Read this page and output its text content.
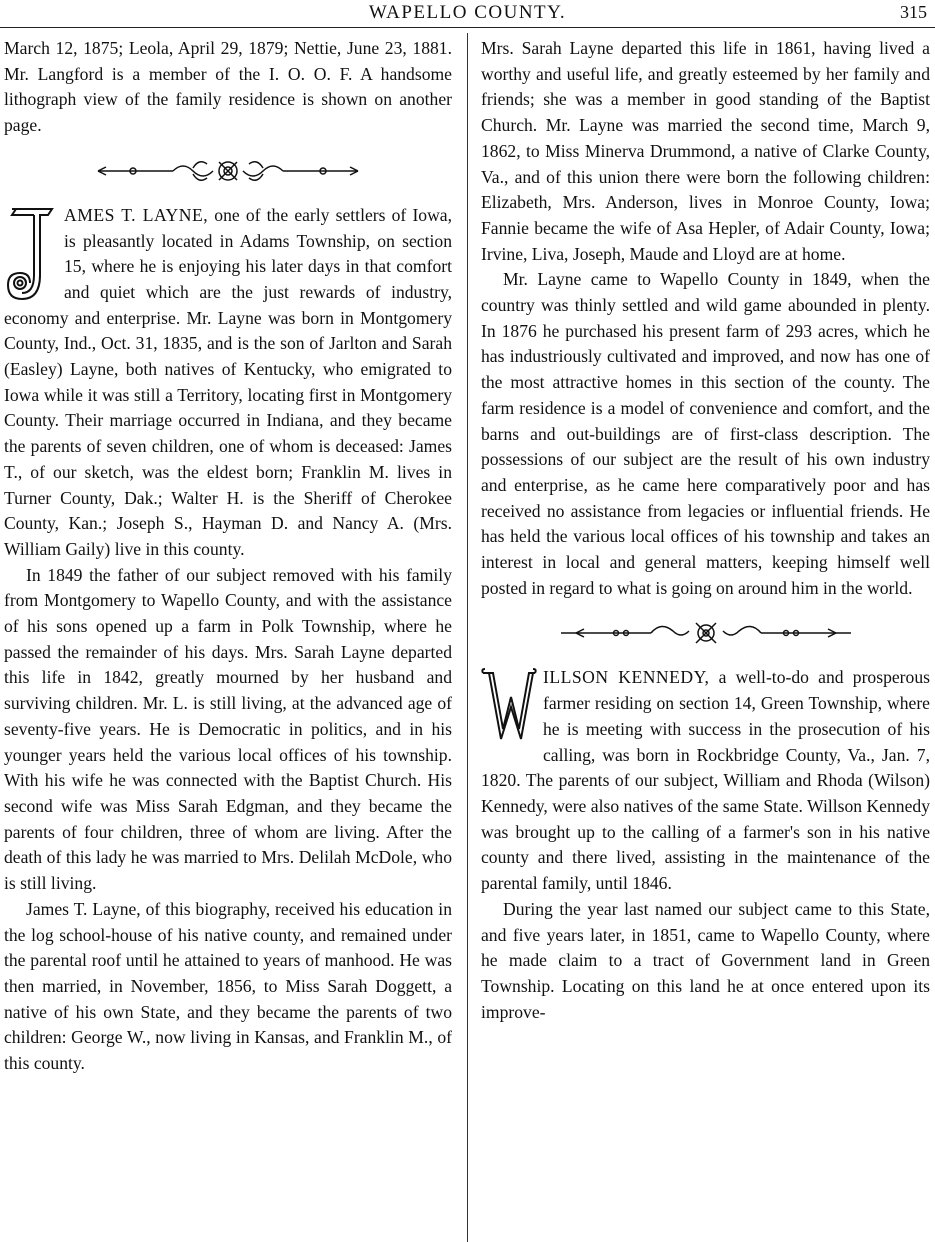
WAPELLO COUNTY.	315

March 12, 1875; Leola, April 29, 1879; Nettie, June 23, 1881. Mr. Langford is a member of the I. O. O. F. A handsome lithograph view of the family residence is shown on another page.

AMES T. LAYNE, one of the early settlers of Iowa, is pleasantly located in Adams Township, on section 15, where he is enjoying his later days in that comfort and quiet which are the just rewards of industry, economy and enterprise. Mr. Layne was born in Montgomery County, Ind., Oct. 31, 1835, and is the son of Jarlton and Sarah (Easley) Layne, both natives of Kentucky, who emigrated to Iowa while it was still a Territory, locating first in Montgomery County. Their marriage occurred in Indiana, and they became the parents of seven children, one of whom is deceased: James T., of our sketch, was the eldest born; Franklin M. lives in Turner County, Dak.; Walter H. is the Sheriff of Cherokee County, Kan.; Joseph S., Hayman D. and Nancy A. (Mrs. William Gaily) live in this county.

In 1849 the father of our subject removed with his family from Montgomery to Wapello County, and with the assistance of his sons opened up a farm in Polk Township, where he passed the remainder of his days. Mrs. Sarah Layne departed this life in 1842, greatly mourned by her husband and surviving children. Mr. L. is still living, at the advanced age of seventy-five years. He is Democratic in politics, and in his younger years held the various local offices of his township. With his wife he was connected with the Baptist Church. His second wife was Miss Sarah Edgman, and they became the parents of four children, three of whom are living. After the death of this lady he was married to Mrs. Delilah McDole, who is still living.

James T. Layne, of this biography, received his education in the log school-house of his native county, and remained under the parental roof until he attained to years of manhood. He was then married, in November, 1856, to Miss Sarah Doggett, a native of his own State, and they became the parents of two children: George W., now living in Kansas, and Franklin M., of this county.

Mrs. Sarah Layne departed this life in 1861, having lived a worthy and useful life, and greatly esteemed by her family and friends; she was a member in good standing of the Baptist Church. Mr. Layne was married the second time, March 9, 1862, to Miss Minerva Drummond, a native of Clarke County, Va., and of this union there were born the following children: Elizabeth, Mrs. Anderson, lives in Monroe County, Iowa; Fannie became the wife of Asa Hepler, of Adair County, Iowa; Irvine, Liva, Joseph, Maude and Lloyd are at home.

Mr. Layne came to Wapello County in 1849, when the country was thinly settled and wild game abounded in plenty. In 1876 he purchased his present farm of 293 acres, which he has industriously cultivated and improved, and now has one of the most attractive homes in this section of the county. The farm residence is a model of convenience and comfort, and the barns and out-buildings are of first-class description. The possessions of our subject are the result of his own industry and enterprise, as he came here comparatively poor and has received no assistance from legacies or influential friends. He has held the various local offices of his township and takes an interest in local and general matters, keeping himself well posted in regard to what is going on around him in the world.

ILLSON KENNEDY, a well-to-do and prosperous farmer residing on section 14, Green Township, where he is meeting with success in the prosecution of his calling, was born in Rockbridge County, Va., Jan. 7, 1820. The parents of our subject, William and Rhoda (Wilson) Kennedy, were also natives of the same State. Willson Kennedy was brought up to the calling of a farmer's son in his native county and there lived, assisting in the maintenance of the parental family, until 1846.

During the year last named our subject came to this State, and five years later, in 1851, came to Wapello County, where he made claim to a tract of Government land in Green Township. Locating on this land he at once entered upon its improve-
